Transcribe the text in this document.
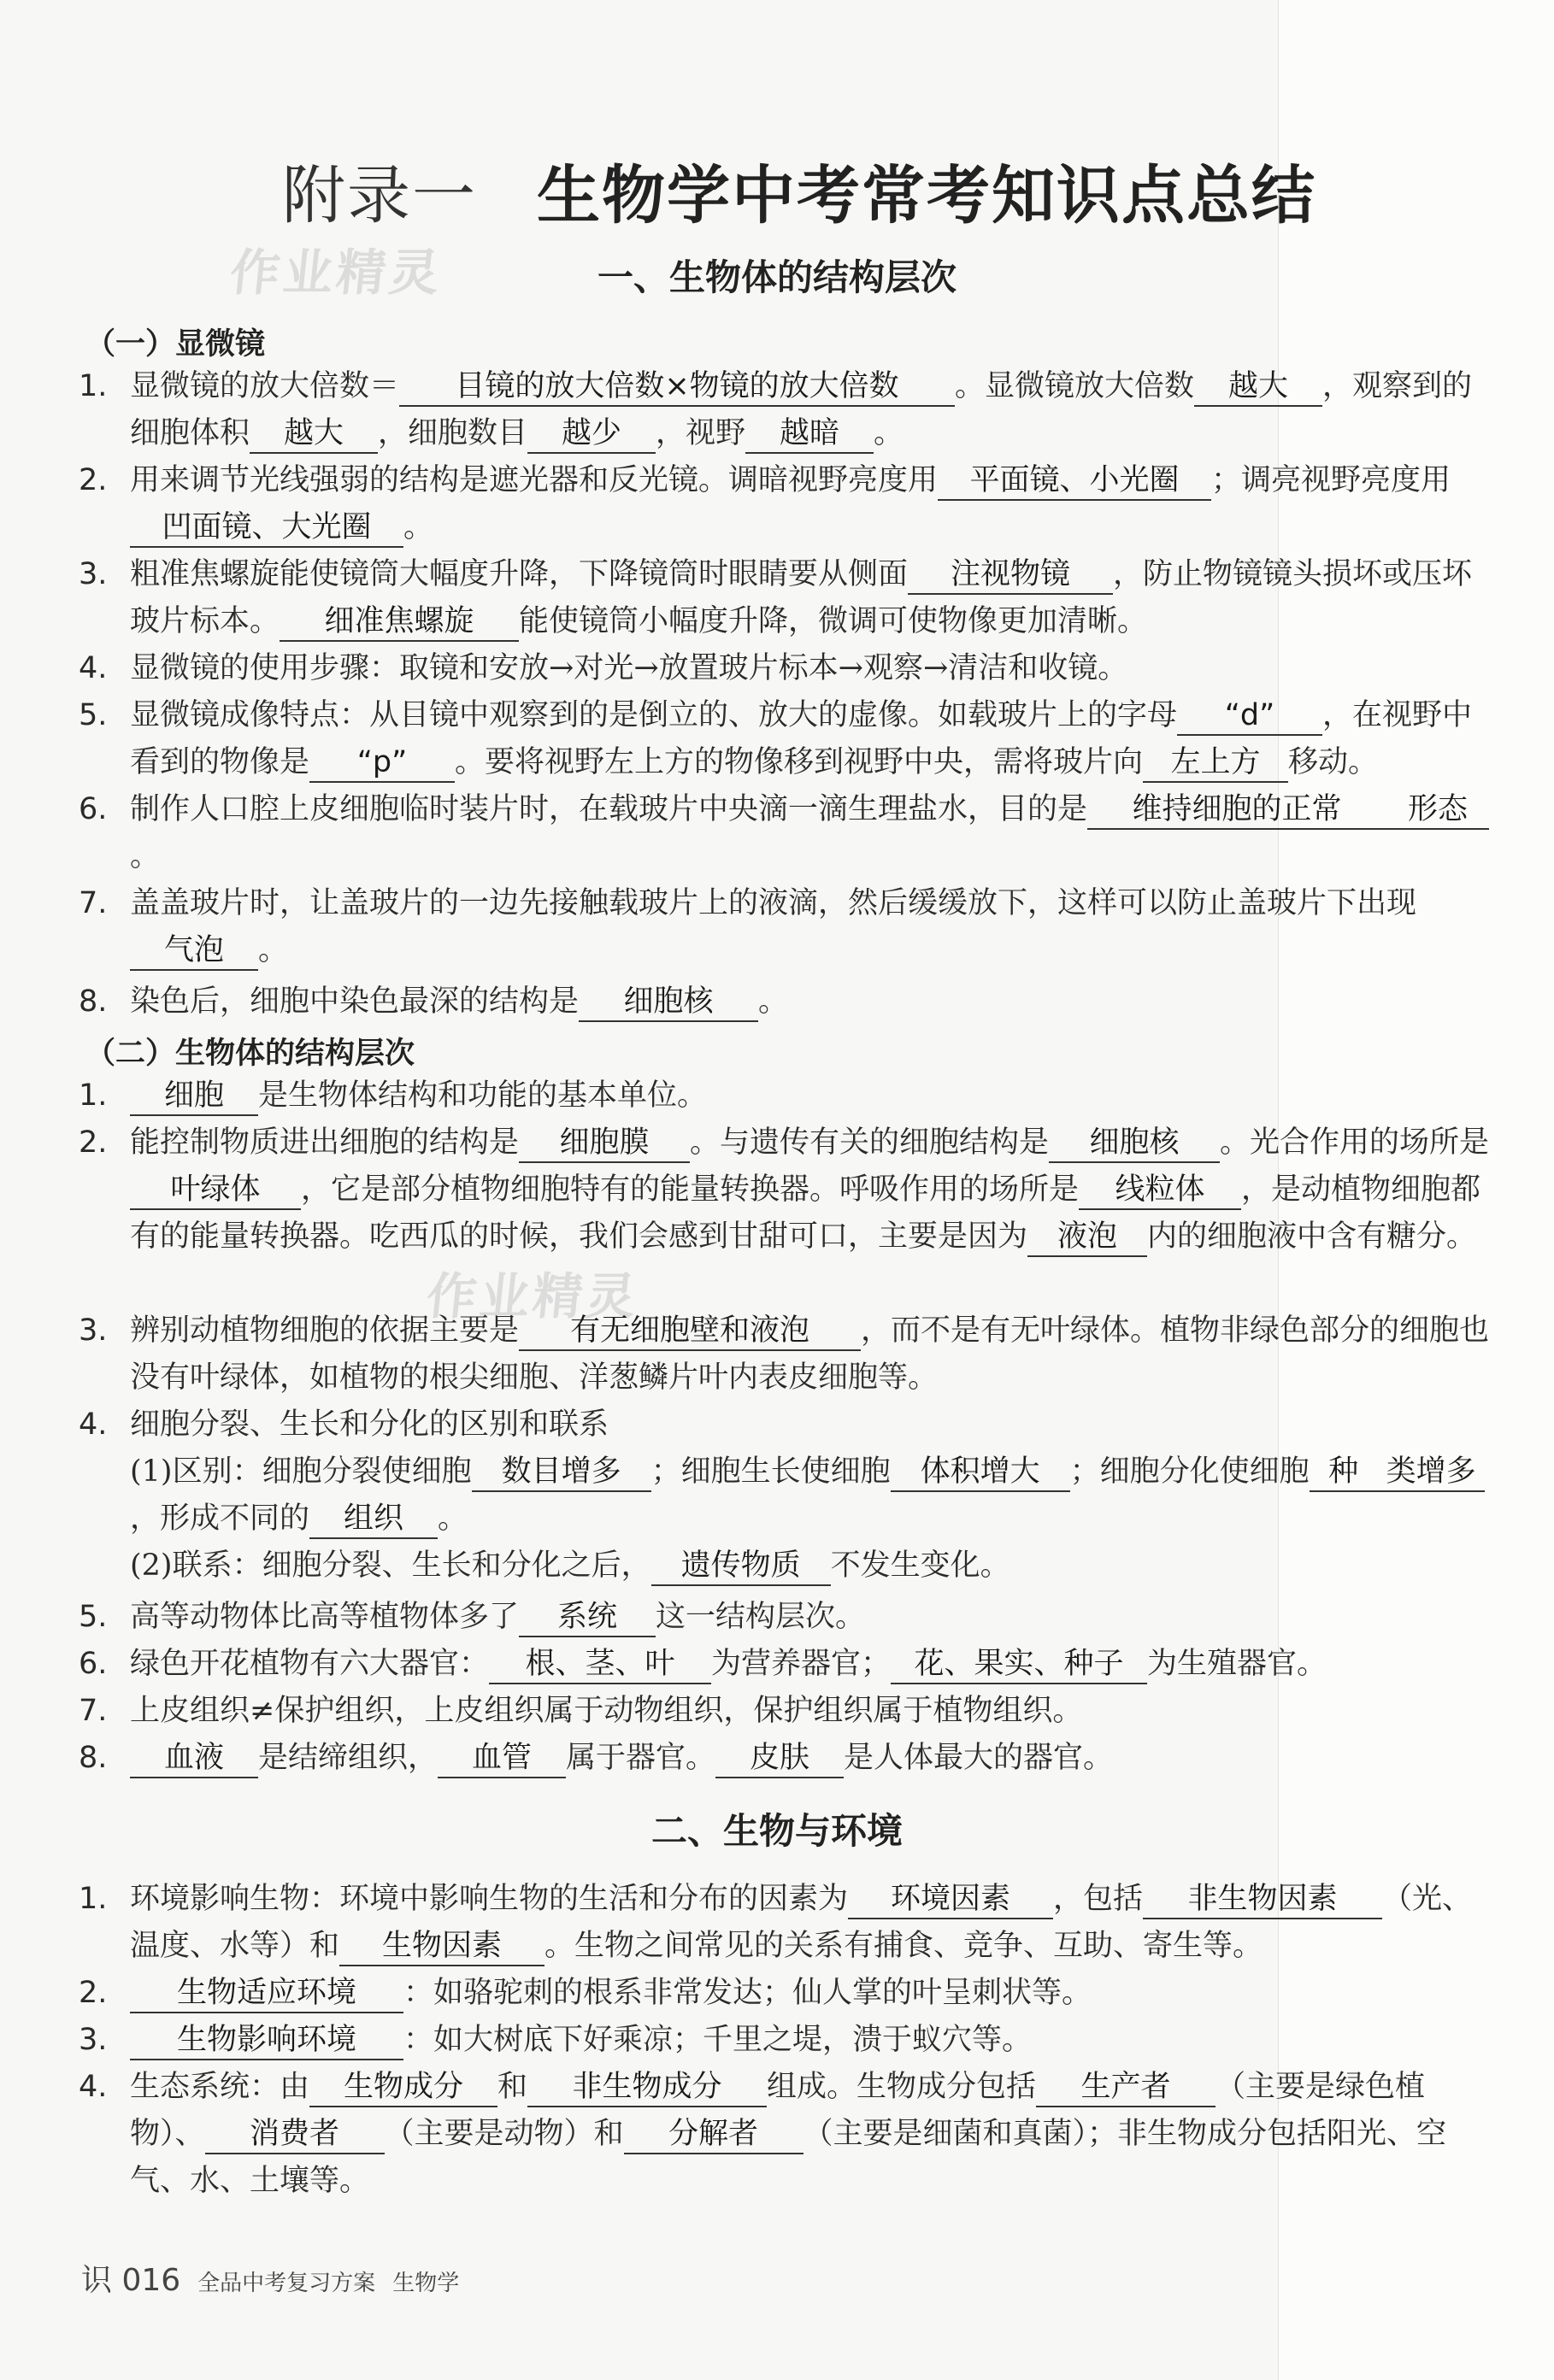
附录一 生物学中考常考知识点总结
作业精灵
作业精灵
一、生物体的结构层次
（一）显微镜
1. 显微镜的放大倍数＝ 目镜的放大倍数×物镜的放大倍数 。显微镜放大倍数 越大 ，观察到的细胞体积 越大 ，细胞数目 越少 ，视野 越暗 。
2. 用来调节光线强弱的结构是遮光器和反光镜。调暗视野亮度用 平面镜、小光圈 ；调亮视野亮度用凹面镜、大光圈 。
3. 粗准焦螺旋能使镜筒大幅度升降，下降镜筒时眼睛要从侧面 注视物镜 ，防止物镜镜头损坏或压坏玻片标本。 细准焦螺旋 能使镜筒小幅度升降，微调可使物像更加清晰。
4. 显微镜的使用步骤：取镜和安放→对光→放置玻片标本→观察→清洁和收镜。
5. 显微镜成像特点：从目镜中观察到的是倒立的、放大的虚像。如载玻片上的字母 “d” ，在视野中看到的物像是 “p” 。要将视野左上方的物像移到视野中央，需将玻片向 左上方 移动。
6. 制作人口腔上皮细胞临时装片时，在载玻片中央滴一滴生理盐水，目的是 维持细胞的正常 形态。
7. 盖盖玻片时，让盖玻片的一边先接触载玻片上的液滴，然后缓缓放下，这样可以防止盖玻片下出现气泡 。
8. 染色后，细胞中染色最深的结构是 细胞核 。
（二）生物体的结构层次
1.	细胞 是生物体结构和功能的基本单位。
2. 能控制物质进出细胞的结构是 细胞膜 。与遗传有关的细胞结构是 细胞核 。光合作用的场所是叶绿体 ，它是部分植物细胞特有的能量转换器。呼吸作用的场所是 线粒体 ，是动植物细胞都有的能量转换器。吃西瓜的时候，我们会感到甘甜可口，主要是因为 液泡 内的细胞液中含有糖分。
3. 辨别动植物细胞的依据主要是 有无细胞壁和液泡 ，而不是有无叶绿体。植物非绿色部分的细胞也没有叶绿体，如植物的根尖细胞、洋葱鳞片叶内表皮细胞等。
4. 细胞分裂、生长和分化的区别和联系
(1)区别：细胞分裂使细胞 数目增多 ；细胞生长使细胞 体积增大 ；细胞分化使细胞 种 类增多，形成不同的 组织 。
(2)联系：细胞分裂、生长和分化之后， 遗传物质 不发生变化。
5. 高等动物体比高等植物体多了 系统 这一结构层次。
6. 绿色开花植物有六大器官： 根、茎、叶 为营养器官； 花、果实、种子 为生殖器官。
7. 上皮组织≠保护组织，上皮组织属于动物组织，保护组织属于植物组织。
8.	血液 是结缔组织， 血管 属于器官。 皮肤 是人体最大的器官。
二、生物与环境
1. 环境影响生物：环境中影响生物的生活和分布的因素为 环境因素 ，包括 非生物因素 （光、温度、水等）和 生物因素 。生物之间常见的关系有捕食、竞争、互助、寄生等。
2.	生物适应环境 ：如骆驼刺的根系非常发达；仙人掌的叶呈刺状等。
3.	生物影响环境 ：如大树底下好乘凉；千里之堤，溃于蚁穴等。
4. 生态系统：由 生物成分 和 非生物成分 组成。生物成分包括 生产者 （主要是绿色植物）、 消费者 （主要是动物）和 分解者 （主要是细菌和真菌）；非生物成分包括阳光、空气、水、土壤等。
识 016 全品中考复习方案 生物学
